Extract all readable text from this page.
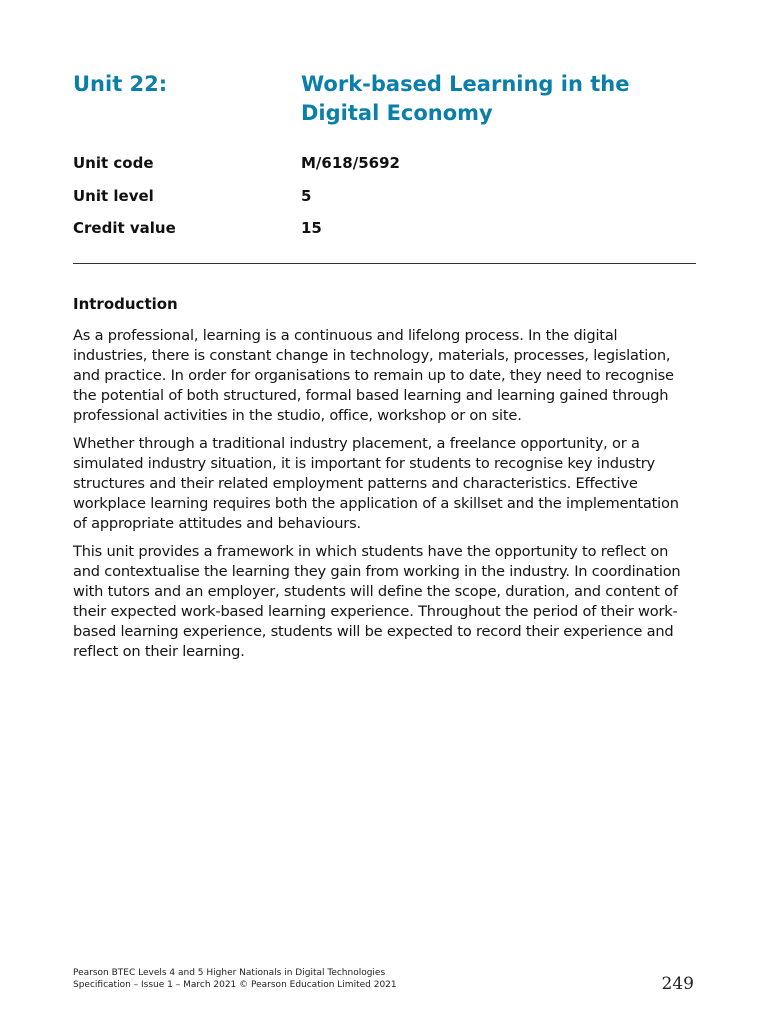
Unit 22:	Work-based Learning in the Digital Economy
Unit code	M/618/5692
Unit level	5
Credit value	15
Introduction

As a professional, learning is a continuous and lifelong process. In the digital industries, there is constant change in technology, materials, processes, legislation, and practice. In order for organisations to remain up to date, they need to recognise the potential of both structured, formal based learning and learning gained through professional activities in the studio, office, workshop or on site.

Whether through a traditional industry placement, a freelance opportunity, or a simulated industry situation, it is important for students to recognise key industry structures and their related employment patterns and characteristics. Effective workplace learning requires both the application of a skillset and the implementation of appropriate attitudes and behaviours.

This unit provides a framework in which students have the opportunity to reflect on and contextualise the learning they gain from working in the industry. In coordination with tutors and an employer, students will define the scope, duration, and content of their expected work-based learning experience. Throughout the period of their work-based learning experience, students will be expected to record their experience and reflect on their learning.

Pearson BTEC Levels 4 and 5 Higher Nationals in Digital Technologies
Specification – Issue 1 – March 2021 © Pearson Education Limited 2021	249
